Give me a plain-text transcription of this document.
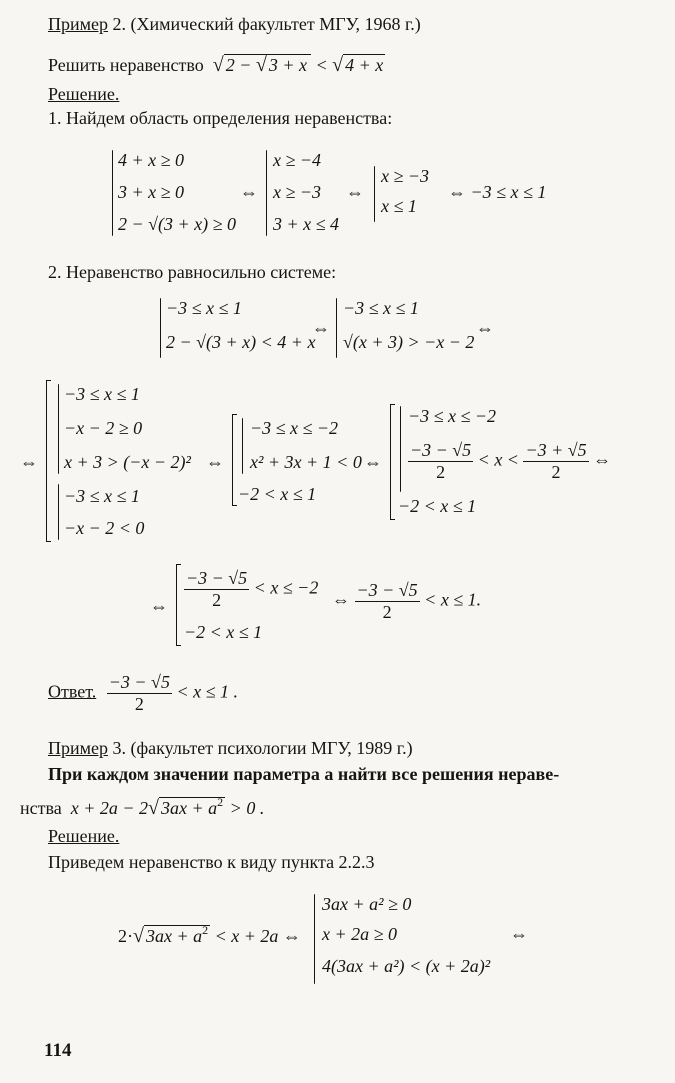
Пример 2. (Химический факультет МГУ, 1968 г.)
Решить неравенство √ 2 − √ 3 + x < √ 4 + x
Решение.
1. Найдем область определения неравенства:
4 + x ≥ 0
3 + x ≥ 0
2 − √(3 + x) ≥ 0
⇔
x ≥ −4
x ≥ −3
3 + x ≤ 4
⇔
x ≥ −3
x ≤ 1
⇔ −3 ≤ x ≤ 1
2. Неравенство равносильно системе:
−3 ≤ x ≤ 1
2 − √(3 + x) < 4 + x
⇔
−3 ≤ x ≤ 1
√(x + 3) > −x − 2
⇔
⇔
−3 ≤ x ≤ 1
−x − 2 ≥ 0
x + 3 > (−x − 2)²
−3 ≤ x ≤ 1
−x − 2 < 0
⇔
−3 ≤ x ≤ −2
x² + 3x + 1 < 0
−2 < x ≤ 1
⇔
−3 ≤ x ≤ −2
$\frac{-3 - √5}{2} < x < \frac{-3 + √5}{2}$ ⇔
−2 < x ≤ 1
⇔ $\frac{-3 - √5}{2} < x \le -2$
−2 < x ≤ 1
⇔ $\frac{-3 - √5}{2} < x \le 1$.
Ответ. $\frac{-3 - √5}{2} < x \le 1$ .
Пример 3. (факультет психологии МГУ, 1989 г.)
При каждом значении параметра a найти все решения нераве-
нства  x + 2a − 2√ $3ax + a^2 > 0$ .
Решение.
Приведем неравенство к виду пункта 2.2.3
2·√ $3ax + a^2 < x + 2a$ ⇔
3ax + a² ≥ 0
x + 2a ≥ 0
4(3ax + a²) < (x + 2a)²
⇔
114
